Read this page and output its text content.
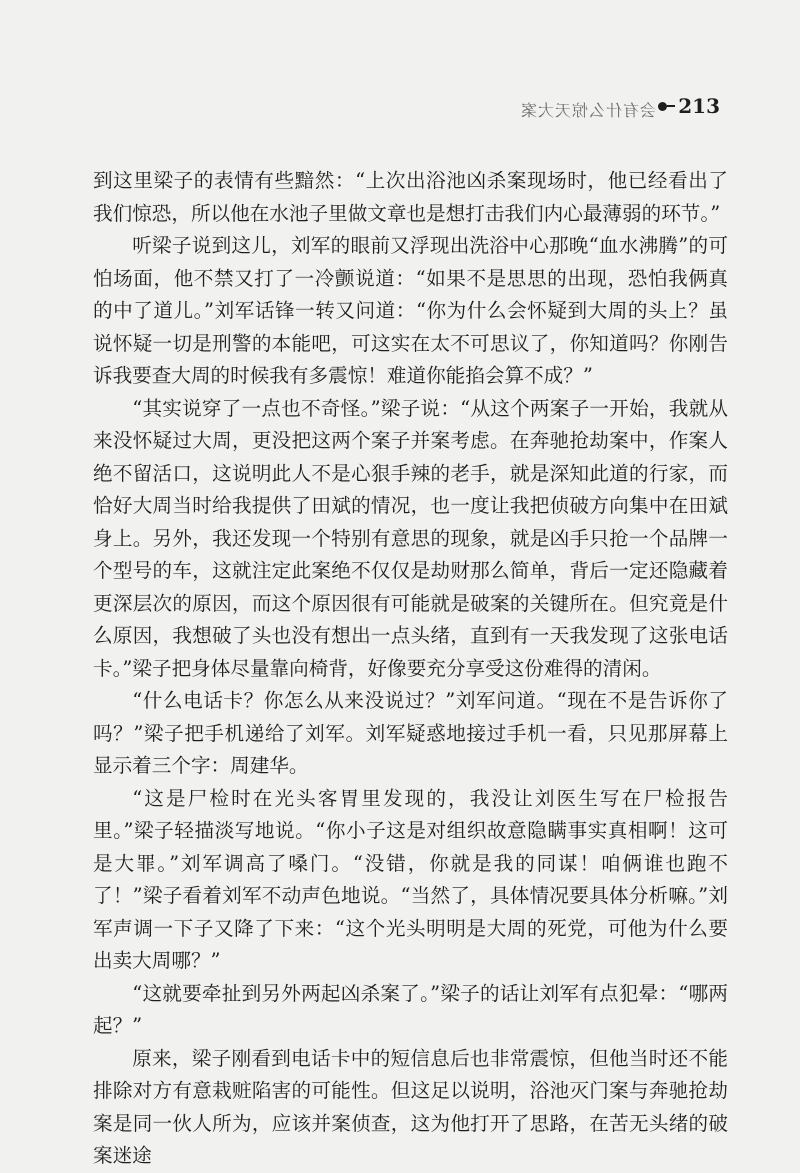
会有什么惊天大案 213

到这里梁子的表情有些黯然：“上次出浴池凶杀案现场时，他已经看出了我们惊恐，所以他在水池子里做文章也是想打击我们内心最薄弱的环节。”

听梁子说到这儿，刘军的眼前又浮现出洗浴中心那晚“血水沸腾”的可怕场面，他不禁又打了一冷颤说道：“如果不是思思的出现，恐怕我俩真的中了道儿。”刘军话锋一转又问道：“你为什么会怀疑到大周的头上？虽说怀疑一切是刑警的本能吧，可这实在太不可思议了，你知道吗？你刚告诉我要查大周的时候我有多震惊！难道你能掐会算不成？”

“其实说穿了一点也不奇怪。”梁子说：“从这个两案子一开始，我就从来没怀疑过大周，更没把这两个案子并案考虑。在奔驰抢劫案中，作案人绝不留活口，这说明此人不是心狠手辣的老手，就是深知此道的行家，而恰好大周当时给我提供了田斌的情况，也一度让我把侦破方向集中在田斌身上。另外，我还发现一个特别有意思的现象，就是凶手只抢一个品牌一个型号的车，这就注定此案绝不仅仅是劫财那么简单，背后一定还隐藏着更深层次的原因，而这个原因很有可能就是破案的关键所在。但究竟是什么原因，我想破了头也没有想出一点头绪，直到有一天我发现了这张电话卡。”梁子把身体尽量靠向椅背，好像要充分享受这份难得的清闲。

“什么电话卡？你怎么从来没说过？”刘军问道。“现在不是告诉你了吗？”梁子把手机递给了刘军。刘军疑惑地接过手机一看，只见那屏幕上显示着三个字：周建华。

“这是尸检时在光头客胃里发现的，我没让刘医生写在尸检报告里。”梁子轻描淡写地说。“你小子这是对组织故意隐瞒事实真相啊！这可是大罪。”刘军调高了嗓门。“没错，你就是我的同谋！咱俩谁也跑不了！”梁子看着刘军不动声色地说。“当然了，具体情况要具体分析嘛。”刘军声调一下子又降了下来：“这个光头明明是大周的死党，可他为什么要出卖大周哪？”

“这就要牵扯到另外两起凶杀案了。”梁子的话让刘军有点犯晕：“哪两起？”

原来，梁子刚看到电话卡中的短信息后也非常震惊，但他当时还不能排除对方有意栽赃陷害的可能性。但这足以说明，浴池灭门案与奔驰抢劫案是同一伙人所为，应该并案侦查，这为他打开了思路，在苦无头绪的破案迷途
